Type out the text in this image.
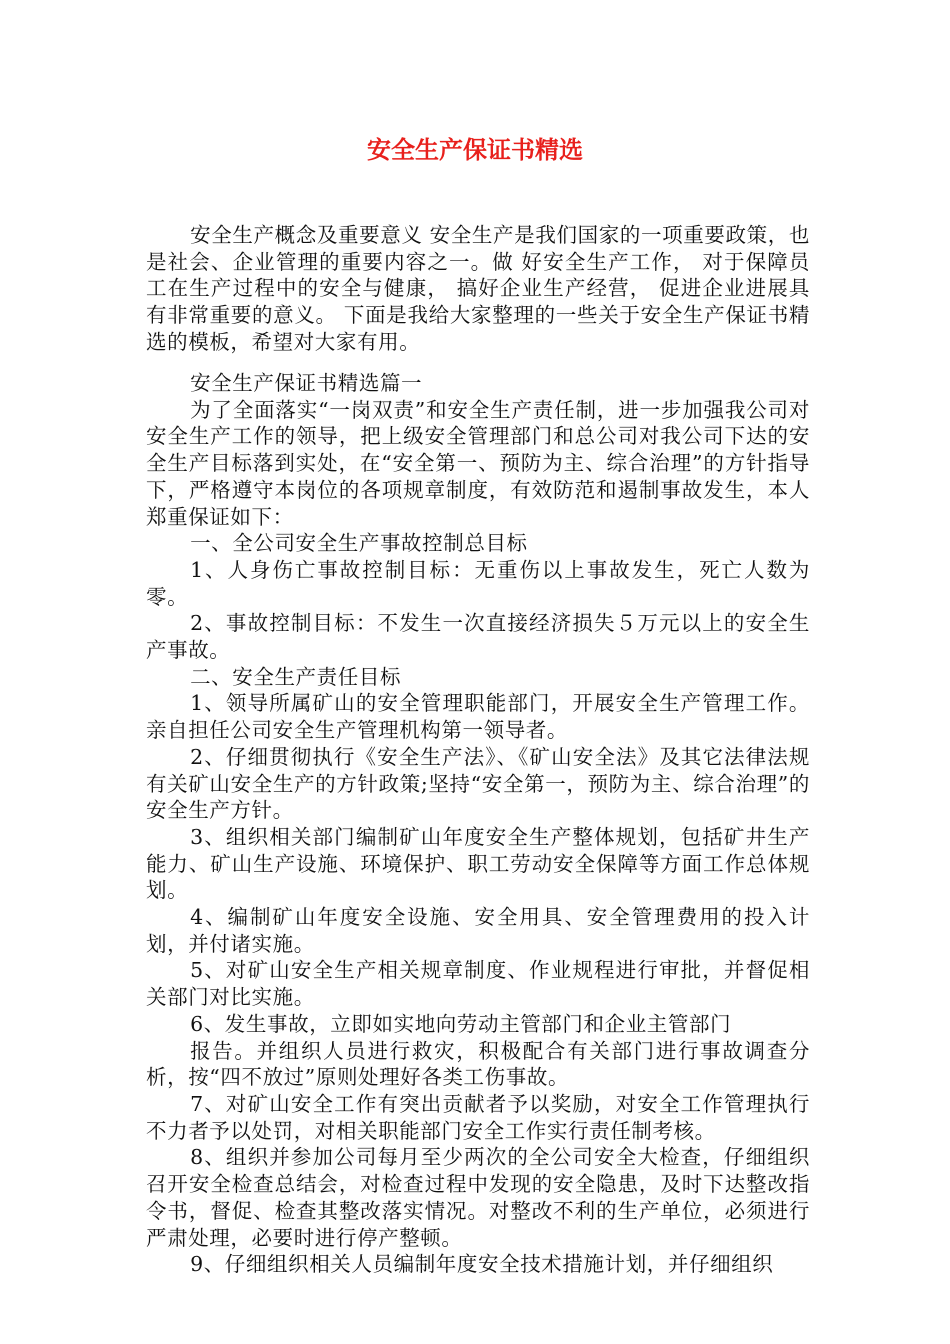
安全生产保证书精选

安全生产概念及重要意义 安全生产是我们国家的一项重要政策，也是社会、企业管理的重要内容之一。做 好安全生产工作， 对于保障员工在生产过程中的安全与健康， 搞好企业生产经营， 促进企业进展具有非常重要的意义。 下面是我给大家整理的一些关于安全生产保证书精选的模板，希望对大家有用。

安全生产保证书精选篇一

为了全面落实“一岗双责”和安全生产责任制，进一步加强我公司对安全生产工作的领导，把上级安全管理部门和总公司对我公司下达的安全生产目标落到实处，在“安全第一、预防为主、综合治理”的方针指导下，严格遵守本岗位的各项规章制度，有效防范和遏制事故发生，本人郑重保证如下：

一、全公司安全生产事故控制总目标

1、人身伤亡事故控制目标：无重伤以上事故发生，死亡人数为零。

2、事故控制目标：不发生一次直接经济损失５万元以上的安全生产事故。

二、安全生产责任目标

1、领导所属矿山的安全管理职能部门，开展安全生产管理工作。亲自担任公司安全生产管理机构第一领导者。

2、仔细贯彻执行《安全生产法》、《矿山安全法》及其它法律法规有关矿山安全生产的方针政策;坚持“安全第一，预防为主、综合治理”的安全生产方针。

3、组织相关部门编制矿山年度安全生产整体规划，包括矿井生产能力、矿山生产设施、环境保护、职工劳动安全保障等方面工作总体规划。

4、编制矿山年度安全设施、安全用具、安全管理费用的投入计划，并付诸实施。

5、对矿山安全生产相关规章制度、作业规程进行审批，并督促相关部门对比实施。

6、发生事故，立即如实地向劳动主管部门和企业主管部门

报告。并组织人员进行救灾，积极配合有关部门进行事故调查分析，按“四不放过”原则处理好各类工伤事故。

7、对矿山安全工作有突出贡献者予以奖励，对安全工作管理执行不力者予以处罚，对相关职能部门安全工作实行责任制考核。

8、组织并参加公司每月至少两次的全公司安全大检查，仔细组织召开安全检查总结会，对检查过程中发现的安全隐患，及时下达整改指令书，督促、检查其整改落实情况。对整改不利的生产单位，必须进行严肃处理，必要时进行停产整顿。

9、仔细组织相关人员编制年度安全技术措施计划，并仔细组织
